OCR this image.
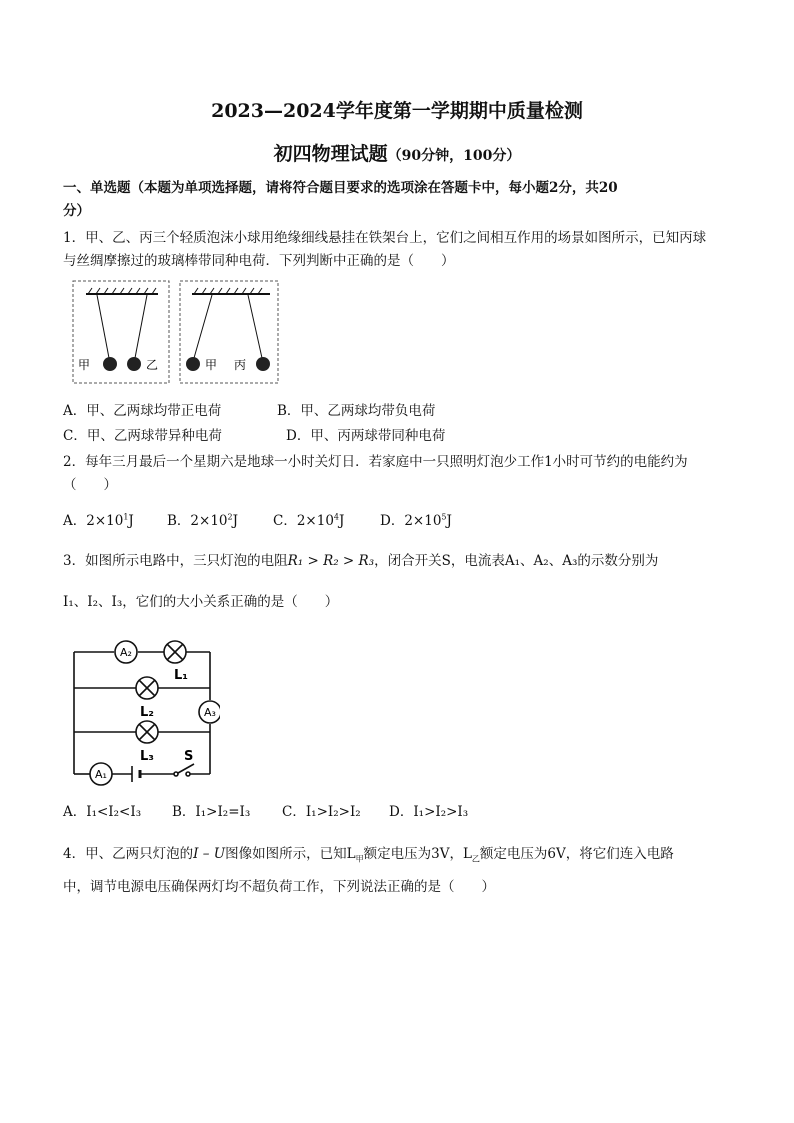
2023—2024学年度第一学期期中质量检测
初四物理试题（90分钟，100分）
一、单选题（本题为单项选择题，请将符合题目要求的选项涂在答题卡中，每小题2分，共20
分）
1．甲、乙、丙三个轻质泡沫小球用绝缘细线悬挂在铁架台上，它们之间相互作用的场景如图所示，已知丙球
与丝绸摩擦过的玻璃棒带同种电荷．下列判断中正确的是（　　）
甲	乙	甲 丙
A．甲、乙两球均带正电荷	B．甲、乙两球均带负电荷
C．甲、乙两球带异种电荷	D．甲、丙两球带同种电荷
2．每年三月最后一个星期六是地球一小时关灯日．若家庭中一只照明灯泡少工作1小时可节约的电能约为
（　　）
A．$2\times 10^1J$ B．$2\times 10^2J$	C．$2\times 10^4J$	D．$2\times 10^5J$
3．如图所示电路中，三只灯泡的电阻R₁ > R₂ > R₃，闭合开关S，电流表A₁、A₂、A₃的示数分别为
I₁、I₂、I₃，它们的大小关系正确的是（　　）
A₂
L₁
L₂	A₃
L₃
A₁
S
A．I₁<I₂<I₃ B．I₁>I₂=I₃ C．I₁>I₂>I₂ D．I₁>I₂>I₃
4．甲、乙两只灯泡的I – U图像如图所示，已知$L_甲$额定电压为3V，$L_乙$额定电压为6V，将它们连入电路
中，调节电源电压确保两灯均不超负荷工作，下列说法正确的是（　　）
